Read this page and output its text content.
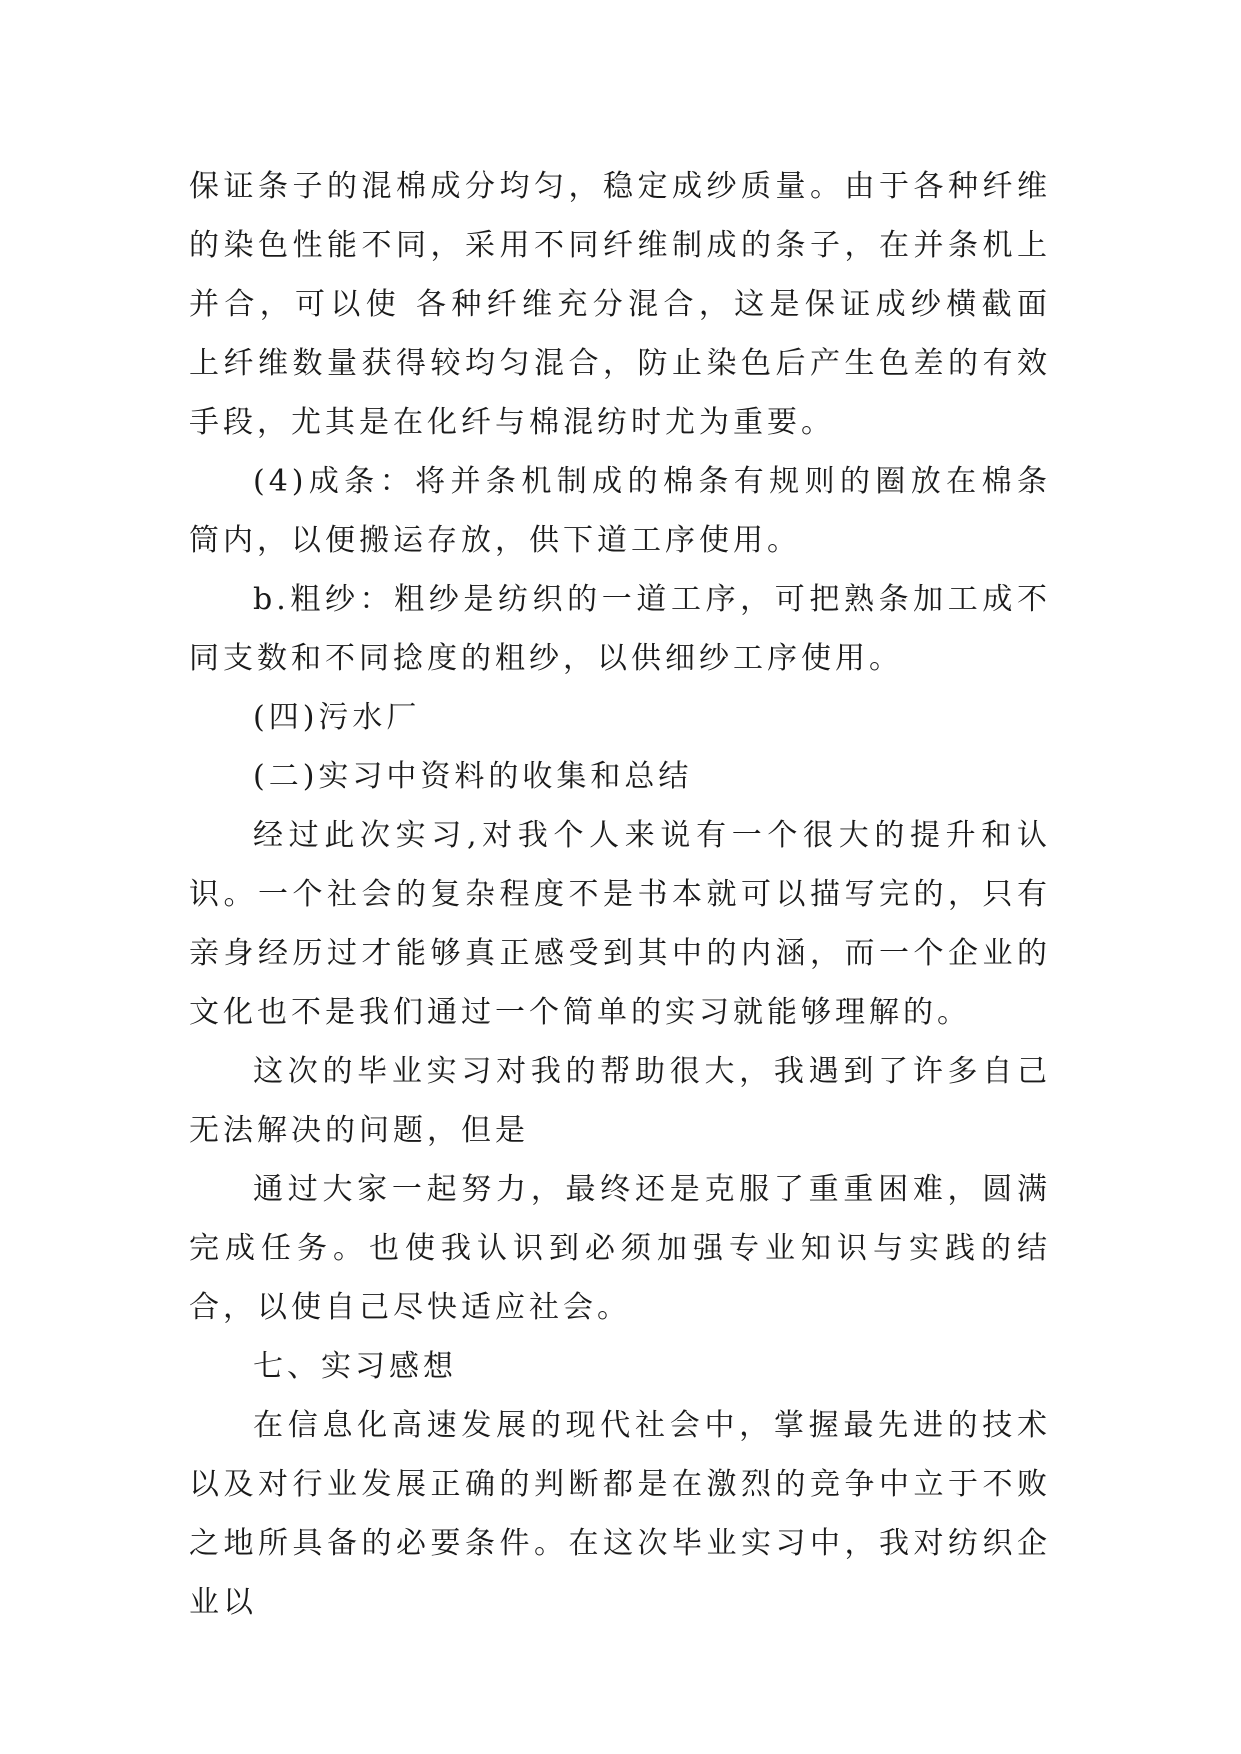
保证条子的混棉成分均匀，稳定成纱质量。由于各种纤维的染色性能不同，采用不同纤维制成的条子，在并条机上并合，可以使 各种纤维充分混合，这是保证成纱横截面上纤维数量获得较均匀混合，防止染色后产生色差的有效手段，尤其是在化纤与棉混纺时尤为重要。

(4)成条：将并条机制成的棉条有规则的圈放在棉条筒内，以便搬运存放，供下道工序使用。

b.粗纱：粗纱是纺织的一道工序，可把熟条加工成不同支数和不同捻度的粗纱，以供细纱工序使用。

(四)污水厂

(二)实习中资料的收集和总结

经过此次实习,对我个人来说有一个很大的提升和认识。一个社会的复杂程度不是书本就可以描写完的，只有亲身经历过才能够真正感受到其中的内涵，而一个企业的文化也不是我们通过一个简单的实习就能够理解的。

这次的毕业实习对我的帮助很大，我遇到了许多自己无法解决的问题，但是

通过大家一起努力，最终还是克服了重重困难，圆满完成任务。也使我认识到必须加强专业知识与实践的结合，以使自己尽快适应社会。

七、实习感想

在信息化高速发展的现代社会中，掌握最先进的技术以及对行业发展正确的判断都是在激烈的竞争中立于不败之地所具备的必要条件。在这次毕业实习中，我对纺织企业以
